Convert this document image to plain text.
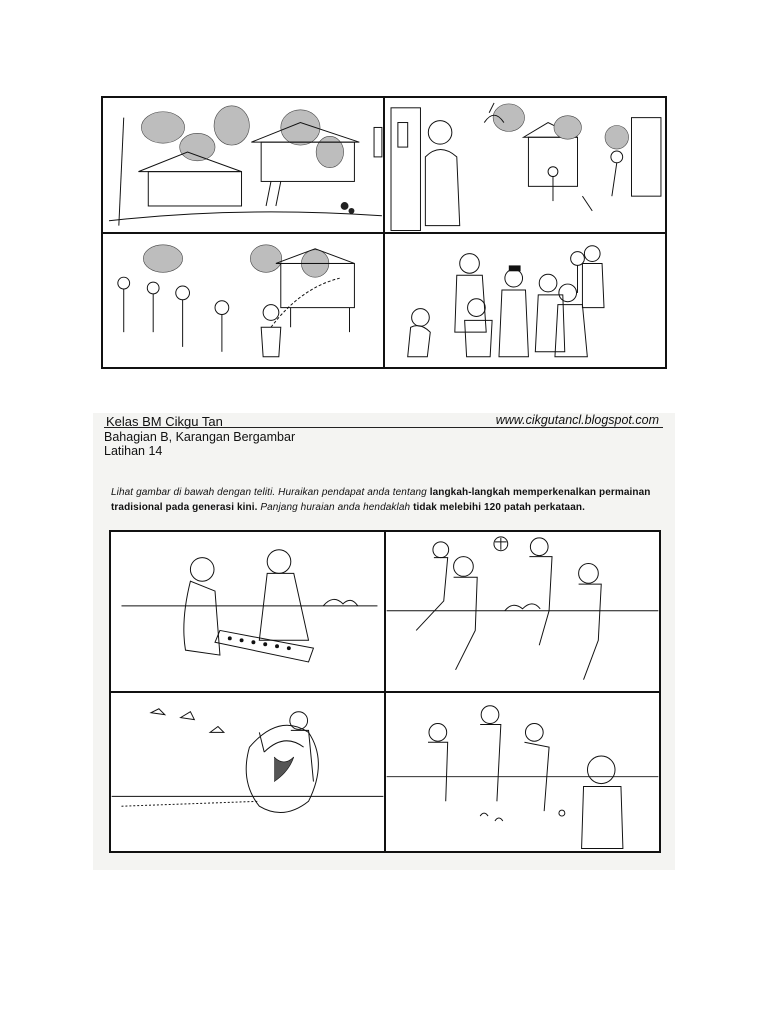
Kelas BM Cikgu Tan	www.cikgutancl.blogspot.com
Bahagian B, Karangan Bergambar
Latihan 14
Lihat gambar di bawah dengan teliti. Huraikan pendapat anda tentang langkah-langkah memperkenalkan permainan tradisional pada generasi kini. Panjang huraian anda hendaklah tidak melebihi 120 patah perkataan.
